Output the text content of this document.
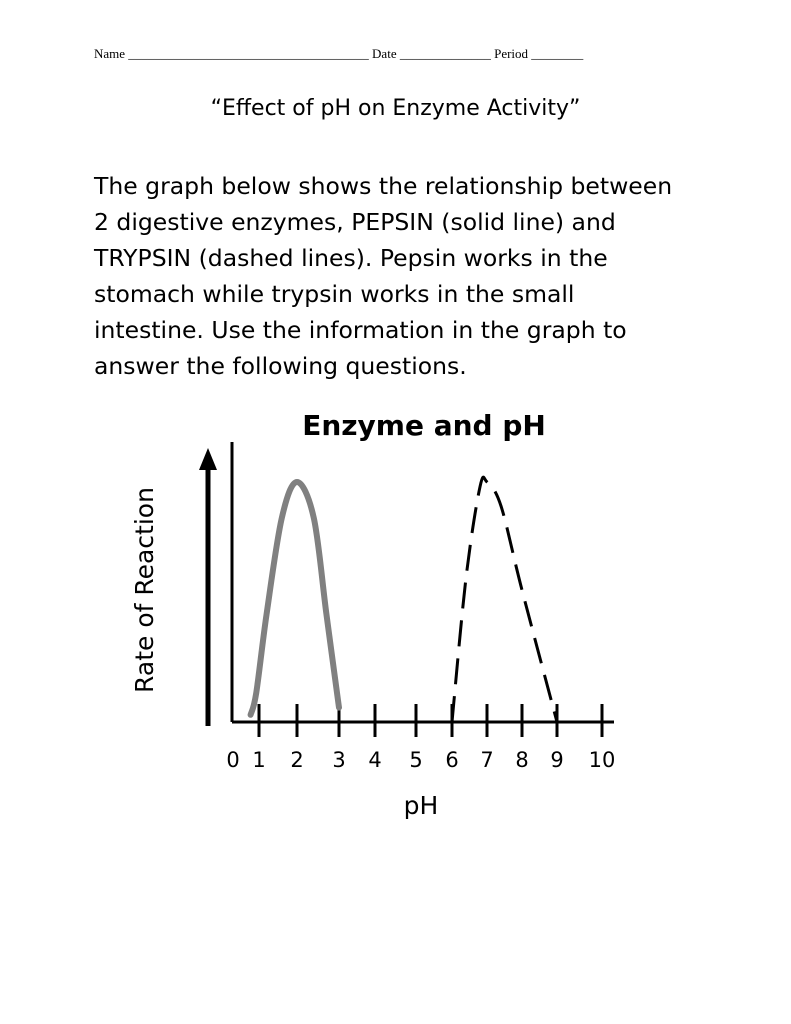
Name _____________________________________ Date ______________ Period ________
“Effect of pH on Enzyme Activity”
The graph below shows the relationship between
2 digestive enzymes, PEPSIN (solid line) and
TRYPSIN (dashed lines). Pepsin works in the
stomach while trypsin works in the small
intestine. Use the information in the graph to
answer the following questions.
Enzyme and pH
Rate of Reaction
0 1 2 3 4 5 6 7 8 9 10
pH
